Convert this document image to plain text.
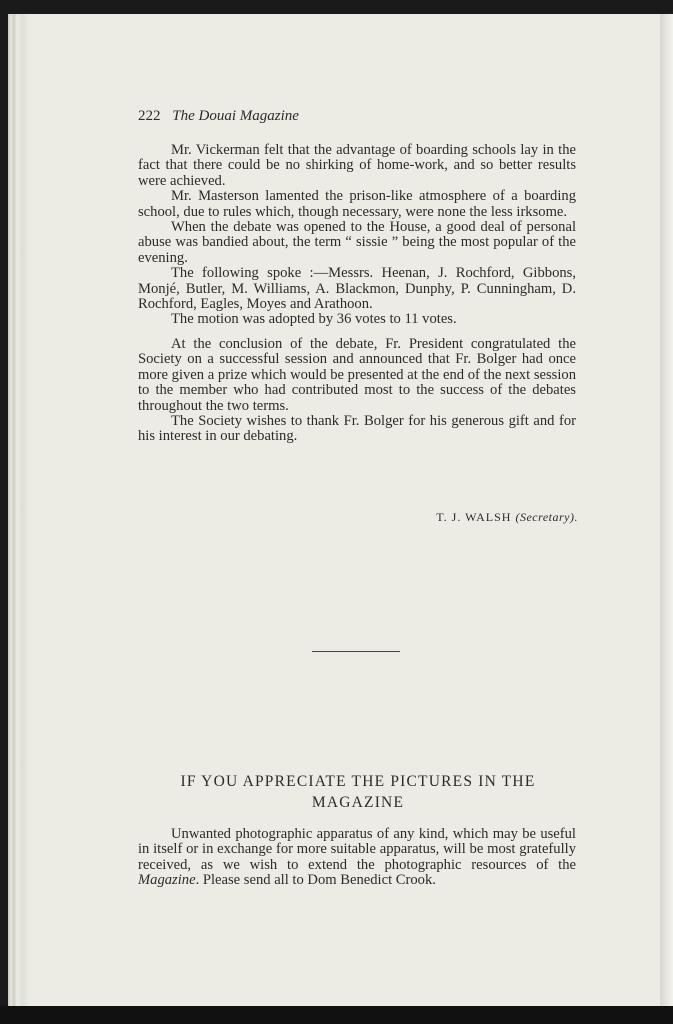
222 The Douai Magazine

Mr. Vickerman felt that the advantage of boarding schools lay in the fact that there could be no shirking of home-work, and so better results were achieved.

Mr. Masterson lamented the prison-like atmosphere of a boarding school, due to rules which, though necessary, were none the less irksome.

When the debate was opened to the House, a good deal of personal abuse was bandied about, the term “ sissie ” being the most popular of the evening.

The following spoke :—Messrs. Heenan, J. Rochford, Gibbons, Monjé, Butler, M. Williams, A. Blackmon, Dunphy, P. Cunningham, D. Rochford, Eagles, Moyes and Arathoon.

The motion was adopted by 36 votes to 11 votes.

At the conclusion of the debate, Fr. President congratulated the Society on a successful session and announced that Fr. Bolger had once more given a prize which would be presented at the end of the next session to the member who had contributed most to the success of the debates throughout the two terms.

The Society wishes to thank Fr. Bolger for his generous gift and for his interest in our debating.

T. J. WALSH (Secretary).
IF YOU APPRECIATE THE PICTURES IN THE
MAGAZINE

Unwanted photographic apparatus of any kind, which may be useful in itself or in exchange for more suitable apparatus, will be most gratefully received, as we wish to extend the photographic resources of the Magazine. Please send all to Dom Benedict Crook.
